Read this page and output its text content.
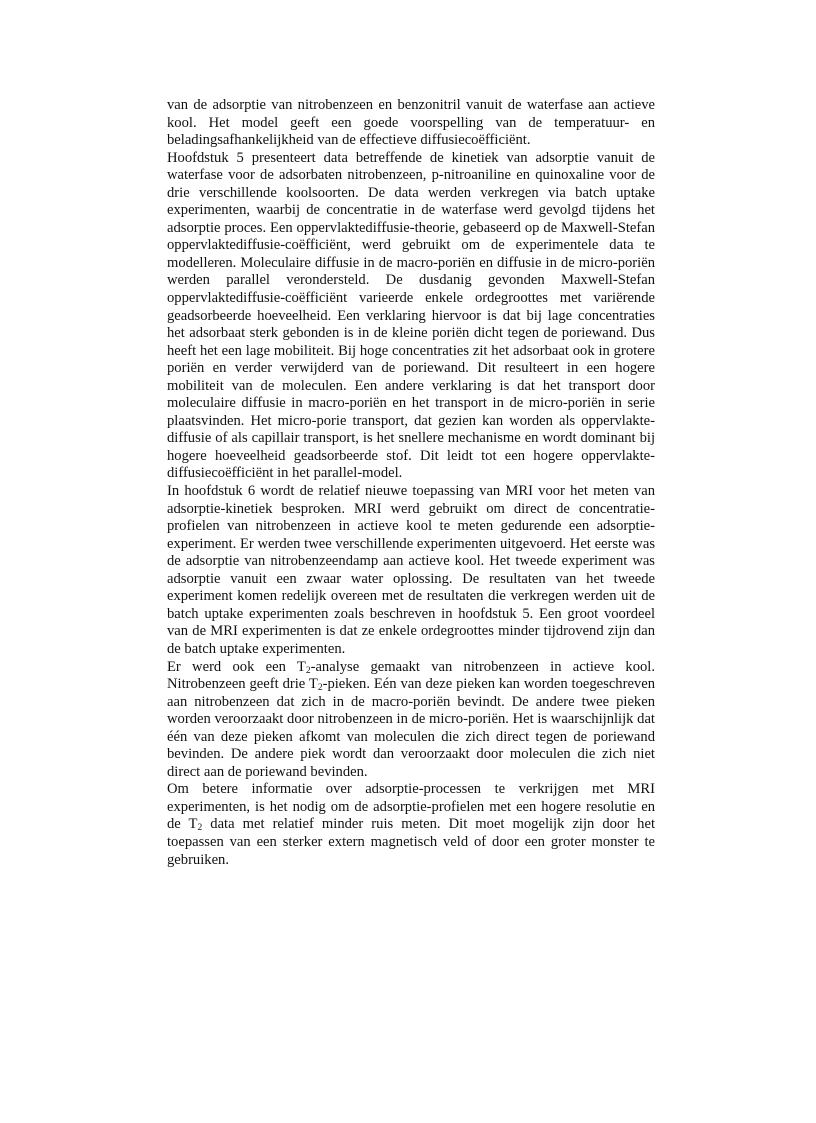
van de adsorptie van nitrobenzeen en benzonitril vanuit de waterfase aan actieve kool. Het model geeft een goede voorspelling van de temperatuur- en beladingsafhankelijkheid van de effectieve diffusiecoëfficiënt.

Hoofdstuk 5 presenteert data betreffende de kinetiek van adsorptie vanuit de waterfase voor de adsorbaten nitrobenzeen, p-nitroaniline en quinoxaline voor de drie verschillende koolsoorten. De data werden verkregen via batch uptake experimenten, waarbij de concentratie in de waterfase werd gevolgd tijdens het adsorptie proces. Een oppervlaktediffusie-theorie, gebaseerd op de Maxwell-Stefan oppervlaktediffusie-coëfficiënt, werd gebruikt om de experimentele data te modelleren. Moleculaire diffusie in de macro-poriën en diffusie in de micro-poriën werden parallel verondersteld. De dusdanig gevonden Maxwell-Stefan oppervlaktediffusie-coëfficiënt varieerde enkele ordegroottes met variërende geadsorbeerde hoeveelheid. Een verklaring hiervoor is dat bij lage concentraties het adsorbaat sterk gebonden is in de kleine poriën dicht tegen de poriewand. Dus heeft het een lage mobiliteit. Bij hoge concentraties zit het adsorbaat ook in grotere poriën en verder verwijderd van de poriewand. Dit resulteert in een hogere mobiliteit van de moleculen. Een andere verklaring is dat het transport door moleculaire diffusie in macro-poriën en het transport in de micro-poriën in serie plaatsvinden. Het micro-porie transport, dat gezien kan worden als oppervlakte-diffusie of als capillair transport, is het snellere mechanisme en wordt dominant bij hogere hoeveelheid geadsorbeerde stof. Dit leidt tot een hogere oppervlakte-diffusiecoëfficiënt in het parallel-model.

In hoofdstuk 6 wordt de relatief nieuwe toepassing van MRI voor het meten van adsorptie-kinetiek besproken. MRI werd gebruikt om direct de concentratie-profielen van nitrobenzeen in actieve kool te meten gedurende een adsorptie-experiment. Er werden twee verschillende experimenten uitgevoerd. Het eerste was de adsorptie van nitrobenzeendamp aan actieve kool. Het tweede experiment was adsorptie vanuit een zwaar water oplossing. De resultaten van het tweede experiment komen redelijk overeen met de resultaten die verkregen werden uit de batch uptake experimenten zoals beschreven in hoofdstuk 5. Een groot voordeel van de MRI experimenten is dat ze enkele ordegroottes minder tijdrovend zijn dan de batch uptake experimenten.

Er werd ook een $T_2$-analyse gemaakt van nitrobenzeen in actieve kool. Nitrobenzeen geeft drie $T_2$-pieken. Eén van deze pieken kan worden toegeschreven aan nitrobenzeen dat zich in de macro-poriën bevindt. De andere twee pieken worden veroorzaakt door nitrobenzeen in de micro-poriën. Het is waarschijnlijk dat één van deze pieken afkomt van moleculen die zich direct tegen de poriewand bevinden. De andere piek wordt dan veroorzaakt door moleculen die zich niet direct aan de poriewand bevinden.

Om betere informatie over adsorptie-processen te verkrijgen met MRI experimenten, is het nodig om de adsorptie-profielen met een hogere resolutie en de $T_2$ data met relatief minder ruis meten. Dit moet mogelijk zijn door het toepassen van een sterker extern magnetisch veld of door een groter monster te gebruiken.
